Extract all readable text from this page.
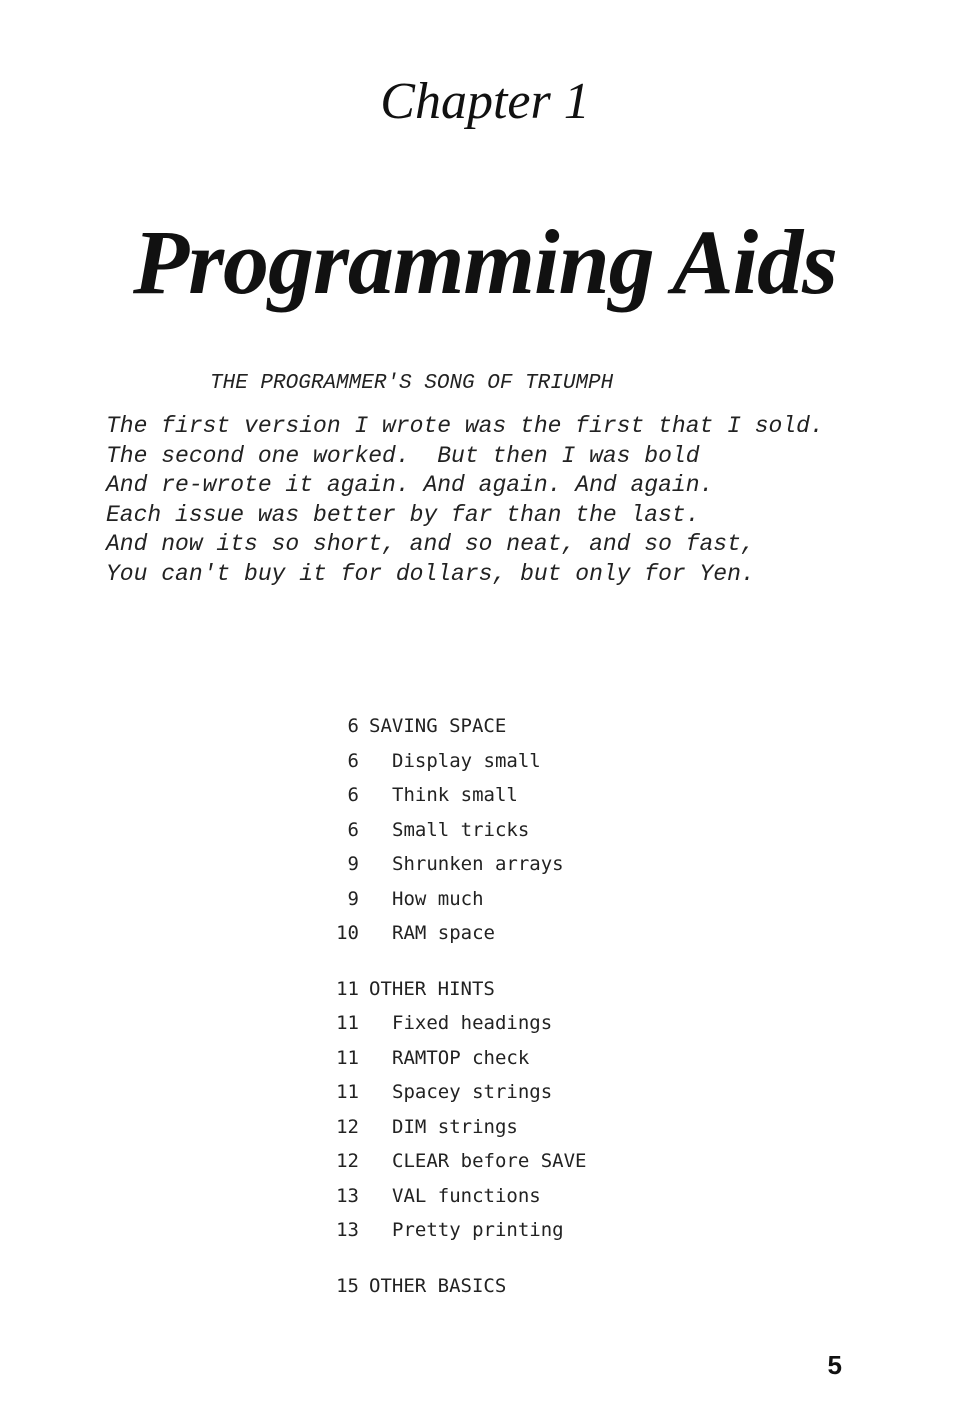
Chapter 1
Programming Aids
THE PROGRAMMER'S SONG OF TRIUMPH
The first version I wrote was the first that I sold.
The second one worked.  But then I was bold
And re-wrote it again. And again. And again.
Each issue was better by far than the last.
And now its so short, and so neat, and so fast,
You can't buy it for dollars, but only for Yen.
6 SAVING SPACE
6 Display small
6 Think small
6 Small tricks
9 Shrunken arrays
9 How much
10 RAM space
11 OTHER HINTS
11 Fixed headings
11 RAMTOP check
11 Spacey strings
12 DIM strings
12 CLEAR before SAVE
13 VAL functions
13 Pretty printing
15 OTHER BASICS
5
